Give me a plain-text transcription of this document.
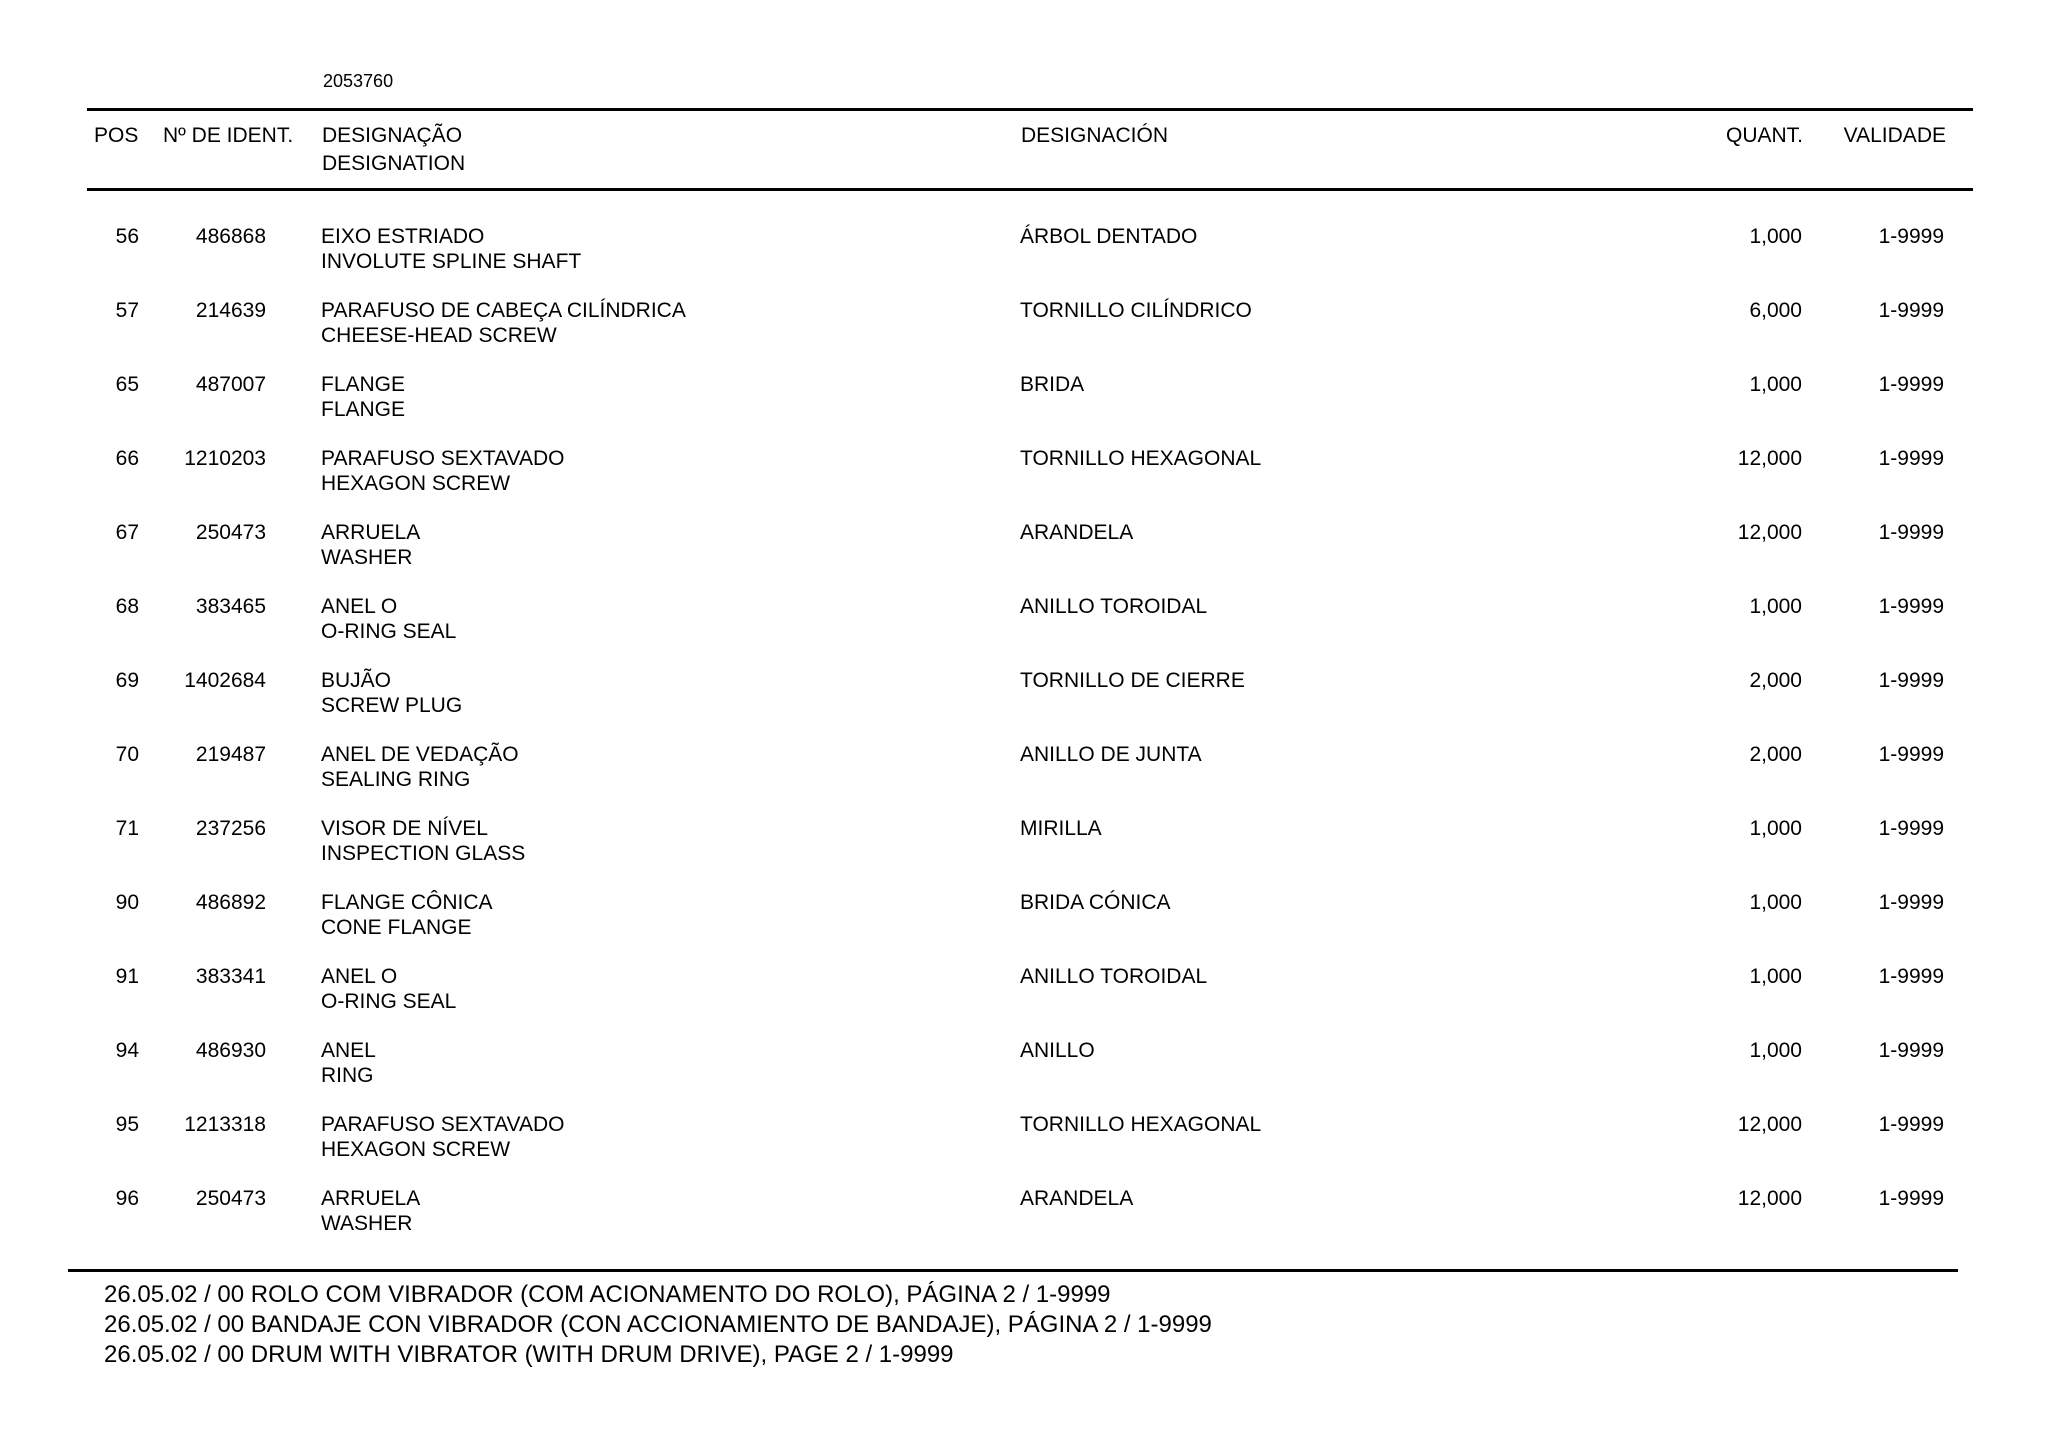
2053760
POS Nº DE IDENT. DESIGNAÇÃO
DESIGNATION
DESIGNACIÓN	QUANT. VALIDADE
56	486868	EIXO ESTRIADO
INVOLUTE SPLINE SHAFT
ÁRBOL DENTADO	1,000	1-9999
57	214639	PARAFUSO DE CABEÇA CILÍNDRICA
CHEESE-HEAD SCREW
TORNILLO CILÍNDRICO	6,000	1-9999
65	487007	FLANGE
FLANGE
BRIDA	1,000	1-9999
66 1210203	PARAFUSO SEXTAVADO
HEXAGON SCREW
TORNILLO HEXAGONAL	12,000	1-9999
67	250473	ARRUELA
WASHER
ARANDELA	12,000	1-9999
68	383465	ANEL O
O-RING SEAL
ANILLO TOROIDAL	1,000	1-9999
69 1402684	BUJÃO
SCREW PLUG
TORNILLO DE CIERRE	2,000	1-9999
70	219487	ANEL DE VEDAÇÃO
SEALING RING
ANILLO DE JUNTA	2,000	1-9999
71	237256	VISOR DE NÍVEL
INSPECTION GLASS
MIRILLA	1,000	1-9999
90	486892	FLANGE CÔNICA
CONE FLANGE
BRIDA CÓNICA	1,000	1-9999
91	383341	ANEL O
O-RING SEAL
ANILLO TOROIDAL	1,000	1-9999
94	486930	ANEL
RING
ANILLO	1,000	1-9999
95 1213318	PARAFUSO SEXTAVADO
HEXAGON SCREW
TORNILLO HEXAGONAL	12,000	1-9999
96	250473	ARRUELA
WASHER
ARANDELA	12,000	1-9999
26.05.02 / 00 ROLO COM VIBRADOR (COM ACIONAMENTO DO ROLO), PÁGINA 2 / 1-9999
26.05.02 / 00 BANDAJE CON VIBRADOR (CON ACCIONAMIENTO DE BANDAJE), PÁGINA 2 / 1-9999
26.05.02 / 00 DRUM WITH VIBRATOR (WITH DRUM DRIVE), PAGE 2 / 1-9999
